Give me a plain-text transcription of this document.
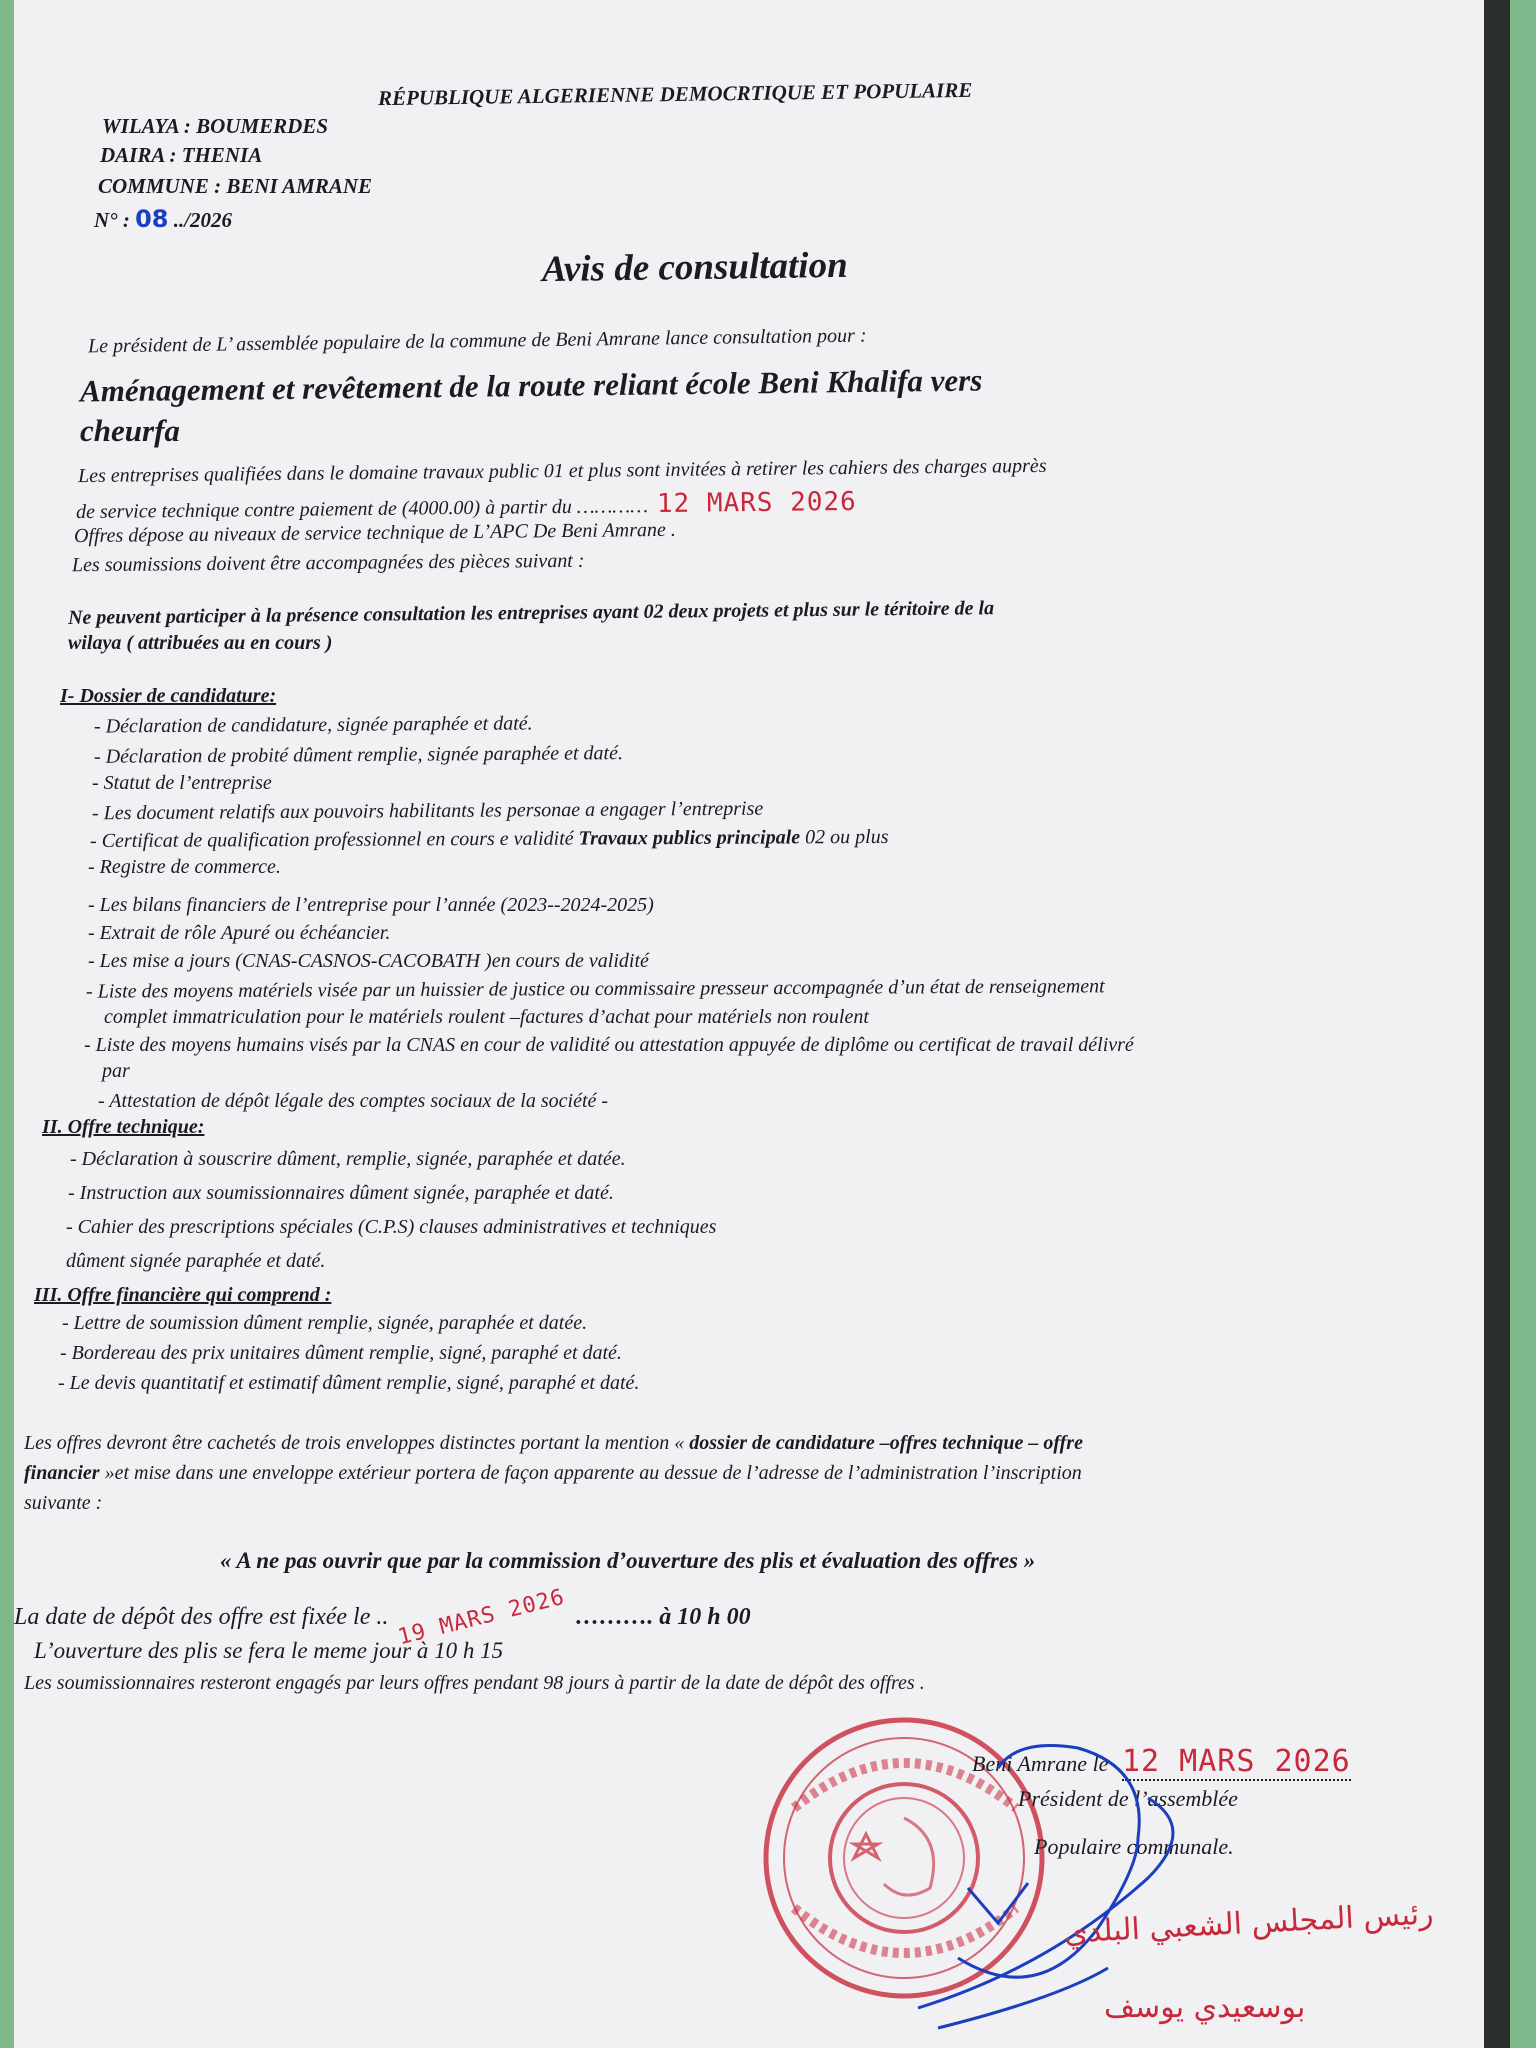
RÉPUBLIQUE ALGERIENNE DEMOCRTIQUE ET POPULAIRE
WILAYA : BOUMERDES
DAIRA : THENIA
COMMUNE : BENI AMRANE
N° : 08 ../2026
Avis de consultation
Le président de L’ assemblée populaire de la commune de Beni Amrane lance consultation pour :
Aménagement et revêtement de la route reliant école Beni Khalifa vers
cheurfa
Les entreprises qualifiées dans le domaine travaux public 01 et plus sont invitées à retirer les cahiers des charges auprès
de service technique contre paiement de (4000.00) à partir du ………… 12 MARS 2026
Offres dépose au niveaux de service technique de L’APC De Beni Amrane .
Les soumissions doivent être accompagnées des pièces suivant :
Ne peuvent participer à la présence consultation les entreprises ayant 02 deux projets et plus sur le téritoire de la
wilaya ( attribuées au en cours )
I- Dossier de candidature:
- Déclaration de candidature, signée paraphée et daté.
- Déclaration de probité dûment remplie, signée paraphée et daté.
- Statut de l’entreprise
- Les document relatifs aux pouvoirs habilitants les personae a engager l’entreprise
- Certificat de qualification professionnel en cours e validité Travaux publics principale 02 ou plus
- Registre de commerce.
- Les bilans financiers de l’entreprise pour l’année (2023--2024-2025)
- Extrait de rôle Apuré ou échéancier.
- Les mise a jours (CNAS-CASNOS-CACOBATH )en cours de validité
- Liste des moyens matériels visée par un huissier de justice ou commissaire presseur accompagnée d’un état de renseignement
complet immatriculation pour le matériels roulent –factures d’achat pour matériels non roulent
- Liste des moyens humains visés par la CNAS en cour de validité ou attestation appuyée de diplôme ou certificat de travail délivré
par
- Attestation de dépôt légale des comptes sociaux de la société -
II. Offre technique:
- Déclaration à souscrire dûment, remplie, signée, paraphée et datée.
- Instruction aux soumissionnaires dûment signée, paraphée et daté.
- Cahier des prescriptions spéciales (C.P.S) clauses administratives et techniques
dûment signée paraphée et daté.
III. Offre financière qui comprend :
- Lettre de soumission dûment remplie, signée, paraphée et datée.
- Bordereau des prix unitaires dûment remplie, signé, paraphé et daté.
- Le devis quantitatif et estimatif dûment remplie, signé, paraphé et daté.
Les offres devront être cachetés de trois enveloppes distinctes portant la mention « dossier de candidature –offres technique – offre
financier »et mise dans une enveloppe extérieur portera de façon apparente au dessue de l’adresse de l’administration l’inscription
suivante :
« A ne pas ouvrir que par la commission d’ouverture des plis et évaluation des offres »
La date de dépôt des offre est fixée le .. 19 MARS 2026 ………. à 10 h 00
L’ouverture des plis se fera le meme jour à 10 h 15
Les soumissionnaires resteront engagés par leurs offres pendant 98 jours à partir de la date de dépôt des offres .
Beni Amrane le 12 MARS 2026
Président de l’assemblée
Populaire communale.
رئيس المجلس الشعبي البلدي
بوسعيدي يوسف
